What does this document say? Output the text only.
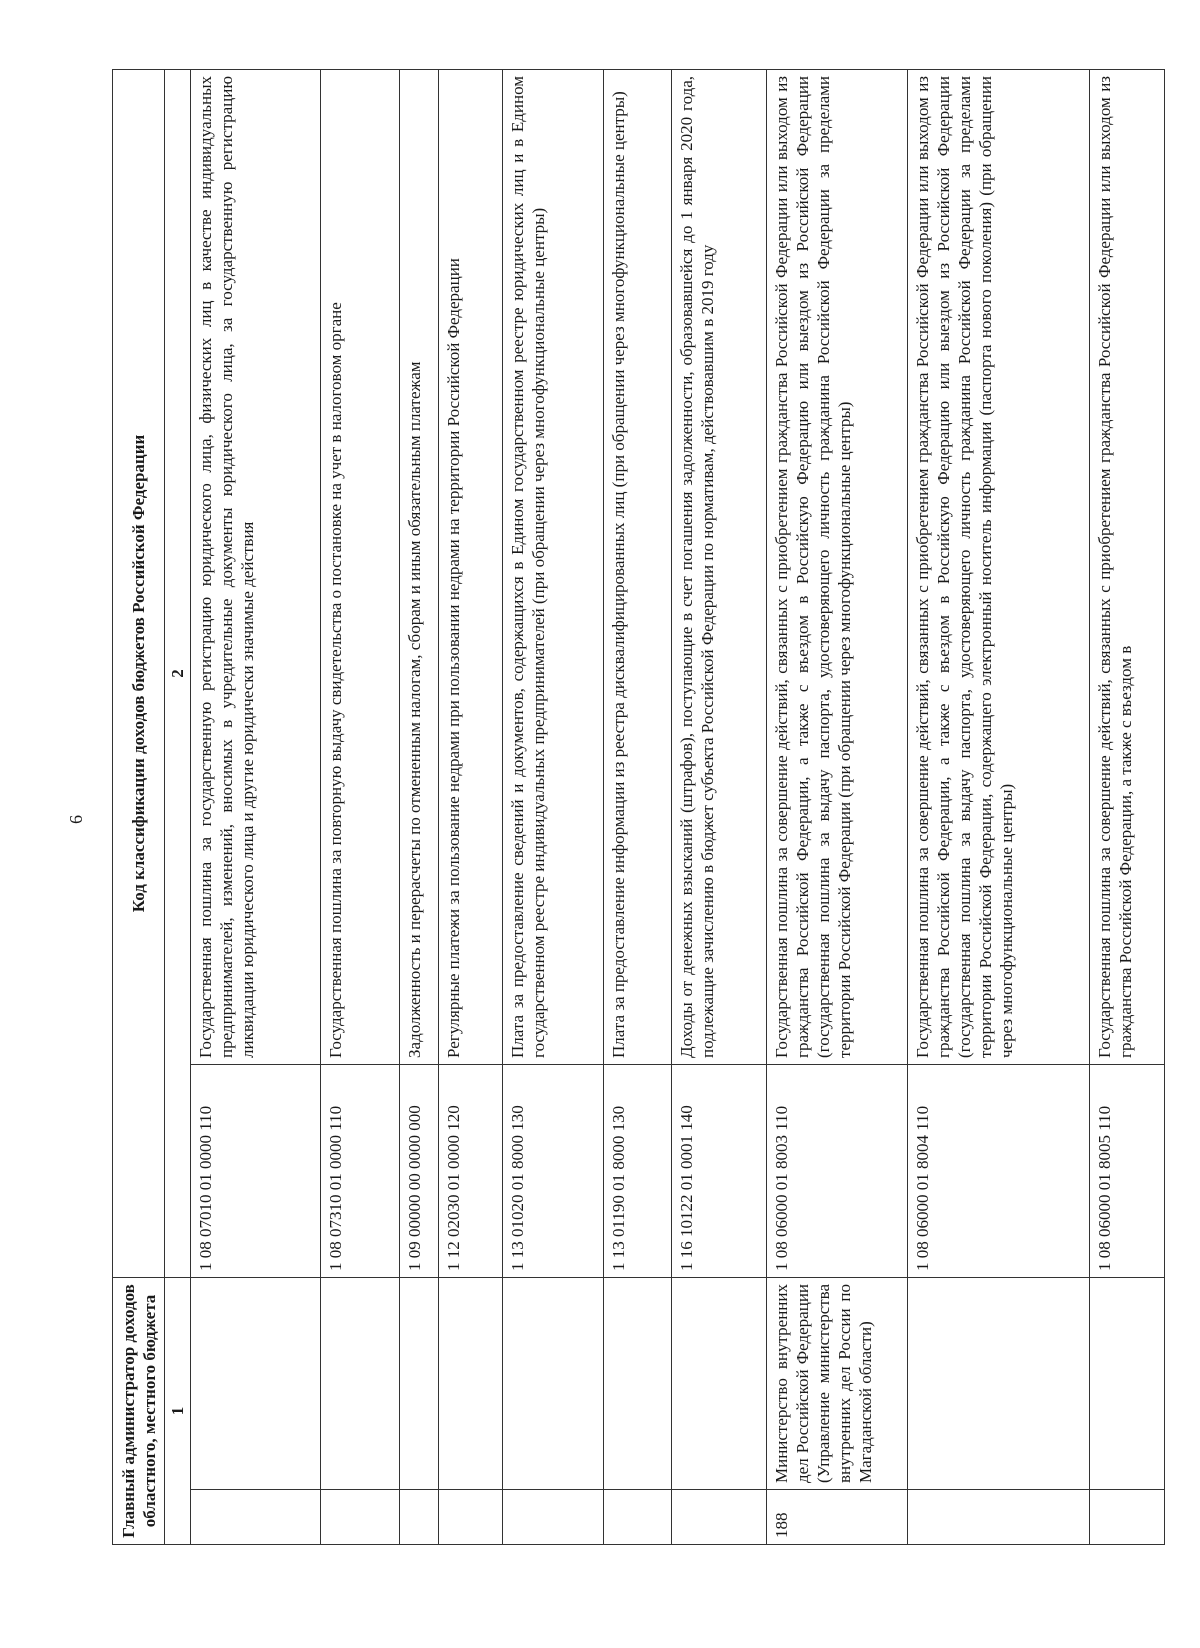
6
Главный администратор доходов областного, местного бюджета		Код классификации доходов бюджетов Российской Федерации	
1		2	
		1 08 07010 01 0000 110	Государственная пошлина за государственную регистрацию юридического лица, физических лиц в качестве индивидуальных предпринимателей, изменений, вносимых в учредительные документы юридического лица, за государственную регистрацию ликвидации юридического лица и другие юридически значимые действия
		1 08 07310 01 0000 110	Государственная пошлина за повторную выдачу свидетельства о постановке на учет в налоговом органе
		1 09 00000 00 0000 000	Задолженность и перерасчеты по отмененным налогам, сборам и иным обязательным платежам
		1 12 02030 01 0000 120	Регулярные платежи за пользование недрами при пользовании недрами на территории Российской Федерации
		1 13 01020 01 8000 130	Плата за предоставление сведений и документов, содержащихся в Едином государственном реестре юридических лиц и в Едином государственном реестре индивидуальных предпринимателей (при обращении через многофункциональные центры)
		1 13 01190 01 8000 130	Плата за предоставление информации из реестра дисквалифицированных лиц (при обращении через многофункциональные центры)
		1 16 10122 01 0001 140	Доходы от денежных взысканий (штрафов), поступающие в счет погашения задолженности, образовавшейся до 1 января 2020 года, подлежащие зачислению в бюджет субъекта Российской Федерации по нормативам, действовавшим в 2019 году
188	Министерство внутренних дел Российской Федерации (Управление министерства внутренних дел России по Магаданской области)	1 08 06000 01 8003 110	Государственная пошлина за совершение действий, связанных с приобретением гражданства Российской Федерации или выходом из гражданства Российской Федерации, а также с въездом в Российскую Федерацию или выездом из Российской Федерации (государственная пошлина за выдачу паспорта, удостоверяющего личность гражданина Российской Федерации за пределами территории Российской Федерации (при обращении через многофункциональные центры)
		1 08 06000 01 8004 110	Государственная пошлина за совершение действий, связанных с приобретением гражданства Российской Федерации или выходом из гражданства Российской Федерации, а также с въездом в Российскую Федерацию или выездом из Российской Федерации (государственная пошлина за выдачу паспорта, удостоверяющего личность гражданина Российской Федерации за пределами территории Российской Федерации, содержащего электронный носитель информации (паспорта нового поколения) (при обращении через многофункциональные центры)
		1 08 06000 01 8005 110	Государственная пошлина за совершение действий, связанных с приобретением гражданства Российской Федерации или выходом из гражданства Российской Федерации, а также с въездом в
